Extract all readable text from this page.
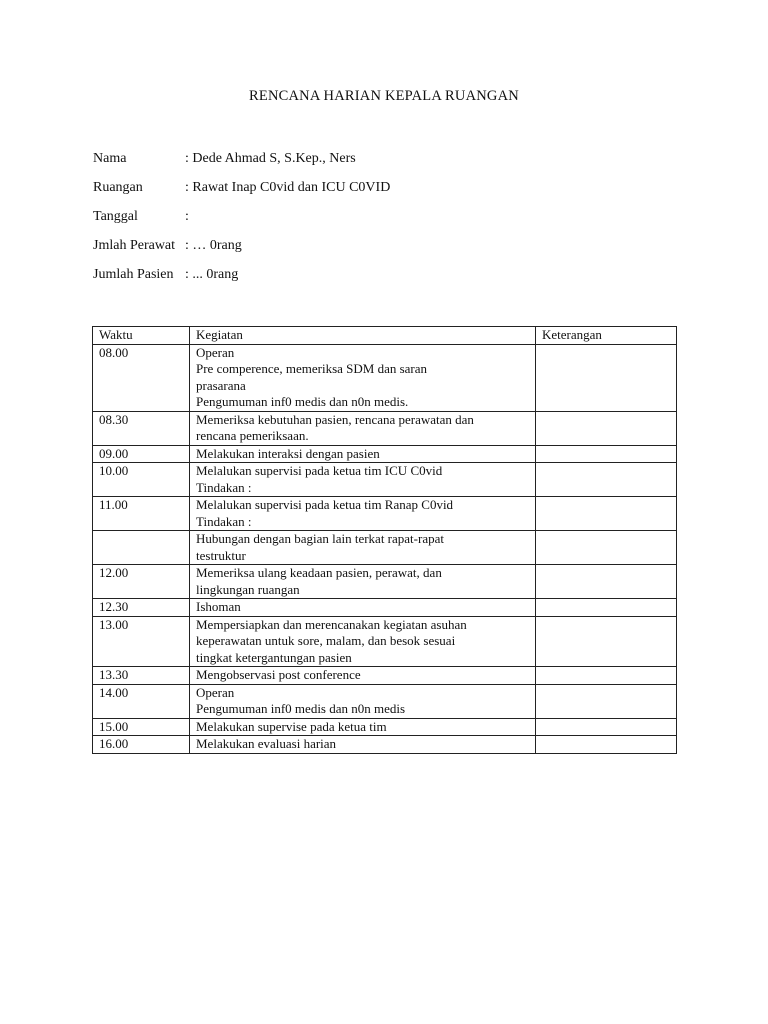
RENCANA HARIAN KEPALA RUANGAN
Nama	: Dede Ahmad S, S.Kep., Ners
Ruangan	: Rawat Inap C0vid dan ICU C0VID
Tanggal	:
Jmlah Perawat : … 0rang
Jumlah Pasien : ... 0rang
Waktu	Kegiatan	Keterangan
08.00	Operan
Pre comperence, memeriksa SDM dan saran
prasarana
Pengumuman inf0 medis dan n0n medis.	

08.30	Memeriksa kebutuhan pasien, rencana perawatan dan
rencana pemeriksaan.	

09.00	Melakukan interaksi dengan pasien	

10.00	Melalukan supervisi pada ketua tim ICU C0vid
Tindakan :	

11.00	Melalukan supervisi pada ketua tim Ranap C0vid
Tindakan :	

	Hubungan dengan bagian lain terkat rapat-rapat
testruktur	

12.00	Memeriksa ulang keadaan pasien, perawat, dan
lingkungan ruangan	

12.30	Ishoman	

13.00	Mempersiapkan dan merencanakan kegiatan asuhan
keperawatan untuk sore, malam, dan besok sesuai
tingkat ketergantungan pasien	

13.30	Mengobservasi post conference	

14.00	Operan
Pengumuman inf0 medis dan n0n medis	

15.00	Melakukan supervise pada ketua tim	

16.00	Melakukan evaluasi harian	
